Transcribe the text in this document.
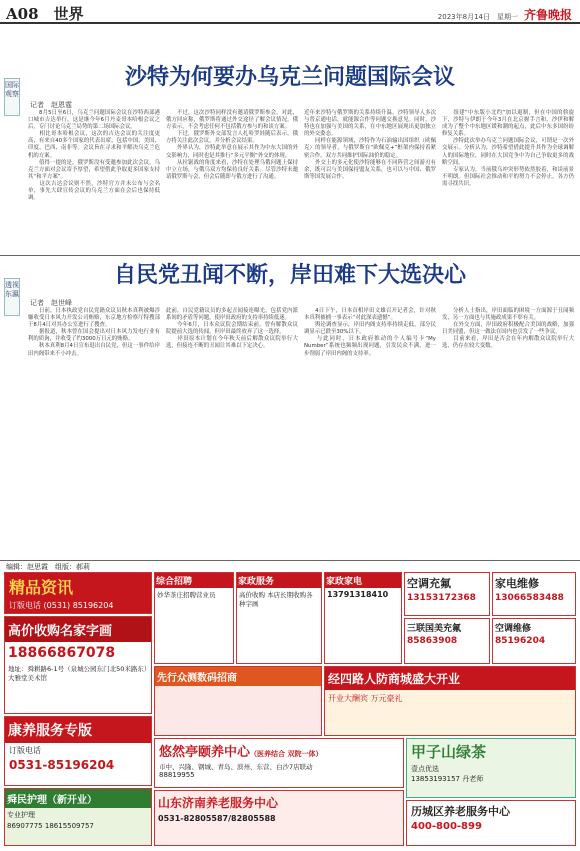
A08　 世界	2023年8月14日　星期一 齐鲁晚报
国际观察
沙特为何要办乌克兰问题国际会议
记者　赵恩霆
　　8月5日至6日，乌克兰问题国际会议在沙特西部港口城市吉达举行。这是继今年6月丹麦哥本哈根会议之后，专门讨论乌克兰局势的第二场国际会议。
　　相比哥本哈根会议，这次的吉达会议的关注度更高，有来自40多个国家的代表出席，包括中国、美国、印度、巴西、南非等。会议旨在寻求和平解决乌克兰危机的方案。
　　值得一提的是，俄罗斯没有受邀参加此次会议。乌克兰方面对会议寄予厚望，希望借此争取更多国家支持其“和平方案”。
　　这次吉达会议则不然，沙特官方并未公布与会名单，事先大肆宣传会议的乌克兰方面在会后也保持低调。
　　不过，这次沙特同样没有邀请俄罗斯参会。对此，俄方回应称，俄罗斯将通过外交途径了解会议情况。俄方表示，不会考虑任何不包括俄方参与的和谈方案。
　　下过，俄罗斯外交部发言人扎哈罗娃随后表示，俄方将关注此次会议，并分析会议结果。
　　外界认为，沙特此举意在展示其作为中东大国的外交影响力，同时也是其推行“多元平衡”外交的体现。
　　从拉锯战的角度来看，沙特在处理乌俄问题上保持中立立场，与俄乌双方均保持良好关系。尽管沙特未邀请俄罗斯与会，但会后随即与俄方进行了沟通。
近年来沙特与俄罗斯的关系持续升温，沙特领导人多次与普京通电话，就能源合作等问题交换意见。同时，沙特也在加强与美国的关系，在中东地区展现出更加独立的外交姿态。
　　同样在能源领域，沙特作为石油输出国组织（欧佩克）的领导者，与俄罗斯在“欧佩克+”框架内保持着紧密合作，双方共同维护国际油价的稳定。
　　外交上的多元化使沙特能够在不同阵营之间游刃有余，既可以与美国保持盟友关系，也可以与中国、俄罗斯等国发展合作。
　　组建“中东版小北约”加以遏制，但在中国的斡旋下，沙特与伊朗于今年3月在北京握手言和，沙伊和解成为了整个中东地区缓和潮的起点，此后中东多国纷纷修复关系。
　　沙特此次举办乌克兰问题国际会议，可谓是一次外交展示。分析认为，沙特希望借此提升其作为全球调解人的国际地位，同时在大国竞争中为自己争取更多的战略空间。
　　专家认为，当前俄乌冲突形势依然胶着，和谈前景不明朗。但国际社会推动和平的努力不会停止，各方仍需寻找共识。
透视东瀛
自民党丑闻不断，岸田难下大选决心
记者　赵世峰
　　日前，日本执政党自民党籍众议员秋本真利被爆涉嫌收受日本风力开发公司贿赂，东京地方检察厅特搜部于8月4日对其办公室进行了搜查。
　　据报道，秋本曾在国会提出对日本风力发电行业有利的质询，并收受了约3000万日元的贿赂。
　　秋本真利8月4日宣布退出自民党，但这一事件给岸田内阁带来不小冲击。
此前，自民党籍议员的多起丑闻接连曝光，包括党内派系间的矛盾等问题，使岸田政府的支持率持续低迷。
　　今年6月，日本众议院会期结束前，曾有解散众议院提前大选的传闻，但岸田最终放弃了这一选择。
　　岸田原本计划在今年秋天前后解散众议院举行大选，但接连不断的丑闻让其难以下定决心。
　　4日下午，日本首相岸田文雄召开记者会，针对秋本真利被捕一事表示“对此深表遗憾”。
　　舆论调查显示，岸田内阁支持率持续走低，部分民调显示已跌至30%以下。
　　与此同时，日本政府推动的个人编号卡“My Number”系统也频频出现问题，引发民众不满，进一步削弱了岸田内阁的支持率。
　　分析人士指出，岸田面临的困境一方面源于丑闻频发，另一方面也与其施政成果不彰有关。
　　在外交方面，岸田政府积极配合美国的战略，加强日美同盟，但这一做法在国内也引发了一些争议。
　　目前来看，岸田是否会在年内解散众议院举行大选，仍存在较大变数。
编辑：赵思霞　组版：郝莉
精品资讯
订版电话 (0531) 85196204
高价收购名家字画
18866867078
地址：舜耕路6-1号（泉城公园东门北50米路东）大雅堂美术馆
康养服务专版
订版电话
0531-85196204
舜民护理（新开业）
专业护理
86907775 18615509757
综合招聘
妙华茶庄招聘营业员
家政服务
高价收购 本店长期收购各种字画
家政家电
13791318410
空调充氟
13153172368
家电维修
13066583488
三联国美充氟
85863908
空调维修
85196204
先行众测数码招商	经四路人防商城盛大开业
开业大酬宾 万元豪礼
悠然亭颐养中心（医养结合 双院一体）
市中、兴隆、钢城、青岛、滨州、东营、白沙7店联动
88819955
山东济南养老服务中心
0531-82805587/82805588
甲子山绿茶
壹点优选
13853193157 丹老师
历城区养老服务中心
400-800-899
